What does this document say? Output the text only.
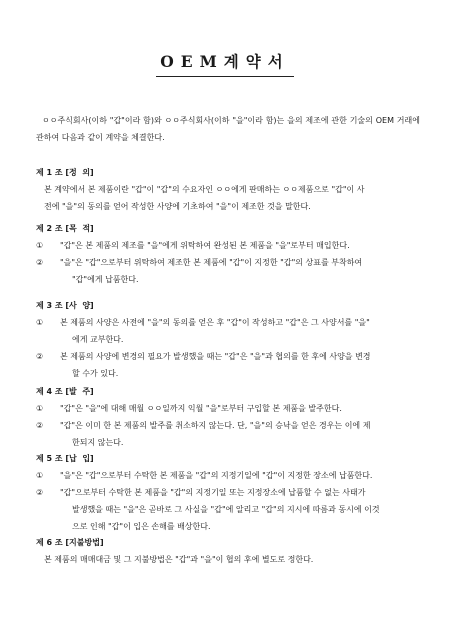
OEM계약서
ㅇㅇ주식회사(이하 "갑"이라 함)와 ㅇㅇ주식회사(이하 "을"이라 함)는 을의 제조에 관한 기술의 OEM 거래에 관하여 다음과 같이 계약을 체결한다.
제 1 조 [정  의]
본 계약에서 본 제품이란 "갑"이 "갑"의 수요자인 ㅇㅇ에게 판매하는 ㅇㅇ제품으로 "갑"이 사
전에 "을"의 동의를 얻어 작성한 사양에 기초하여 "을"이 제조한 것을 말한다.
제 2 조 [목  적]
① "갑"은 본 제품의 제조를 "을"에게 위탁하여 완성된 본 제품을 "을"로부터 매입한다.
② "을"은 "갑"으로부터 위탁하여 제조한 본 제품에 "갑"이 지정한 "갑"의 상표를 부착하여
"갑"에게 납품한다.
제 3 조 [사  양]
① 본 제품의 사양은 사전에 "을"의 동의를 얻은 후 "갑"이 작성하고 "갑"은 그 사양서를 "을"
에게 교부한다.
② 본 제품의 사양에 변경의 필요가 발생했을 때는 "갑"은 "을"과 협의를 한 후에 사양을 변경
할 수가 있다.
제 4 조 [발  주]
① "갑"은 "을"에 대해 매월 ㅇㅇ일까지 익월 "을"로부터 구입할 본 제품을 발주한다.
② "갑"은 이미 한 본 제품의 발주를 취소하지 않는다. 단, "을"의 승낙을 얻은 경우는 이에 제
한되지 않는다.
제 5 조 [납  입]
① "을"은 "갑"으로부터 수탁한 본 제품을 "갑"의 지정기일에 "갑"이 지정한 장소에 납품한다.
② "갑"으로부터 수탁한 본 제품을 "갑"의 지정기일 또는 지정장소에 납품할 수 없는 사태가
발생했을 때는 "을"은 곧바로 그 사실을 "갑"에 알리고 "갑"의 지시에 따름과 동시에 이것
으로 인해 "갑"이 입은 손해를 배상한다.
제 6 조 [지불방법]
본 제품의 매매대금 및 그 지불방법은 "갑"과 "을"이 협의 후에 별도로 정한다.
